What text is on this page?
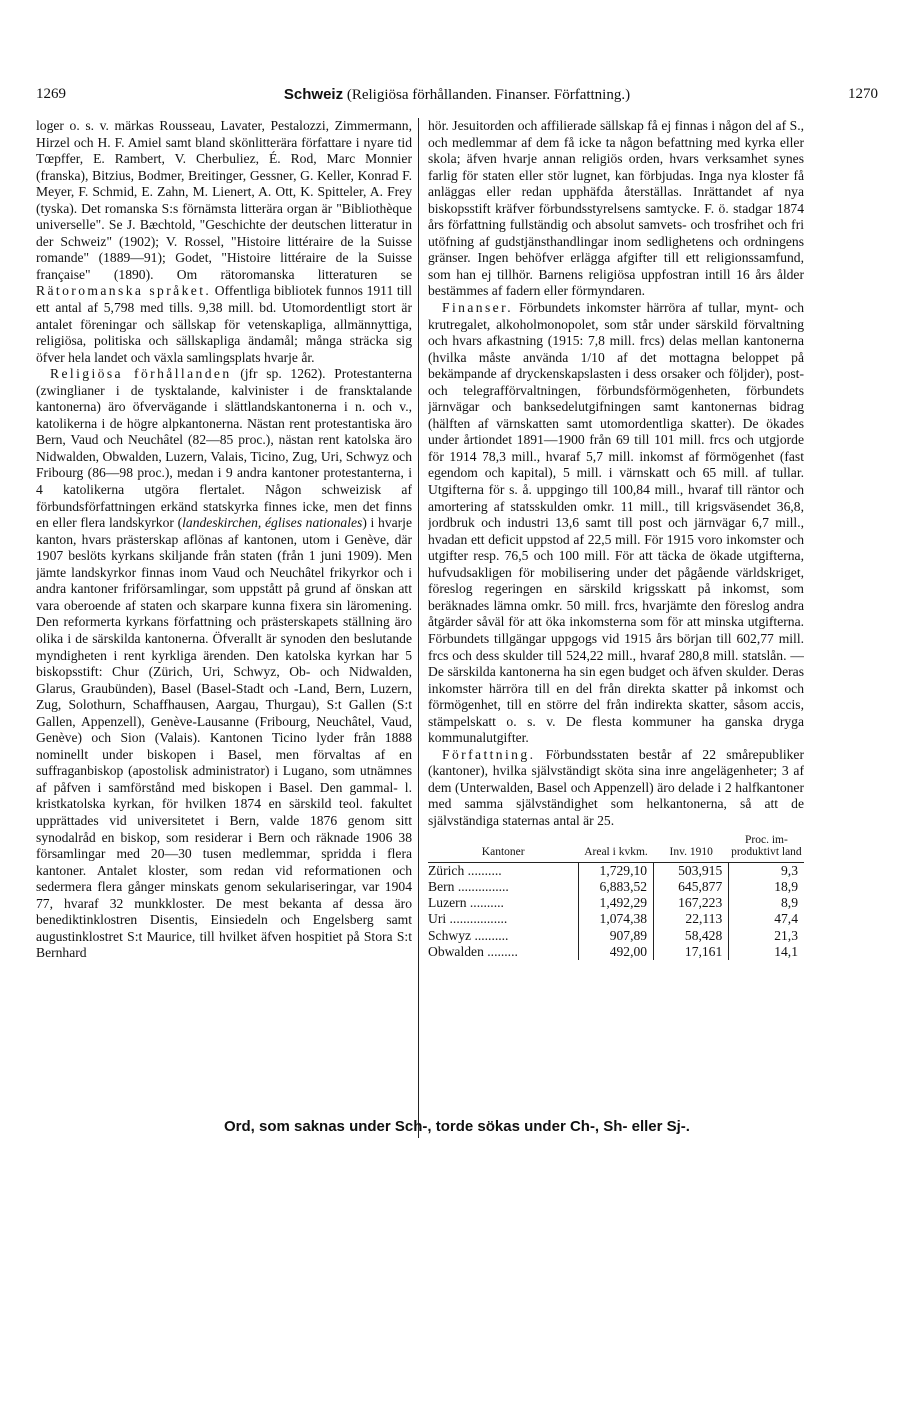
1269	Schweiz (Religiösa förhållanden. Finanser. Författning.)	1270

loger o. s. v. märkas Rousseau, Lavater, Pestalozzi, Zimmermann, Hirzel och H. F. Amiel samt bland skönlitterära författare i nyare tid Tœpffer, E. Rambert, V. Cherbuliez, É. Rod, Marc Monnier (franska), Bitzius, Bodmer, Breitinger, Gessner, G. Keller, Konrad F. Meyer, F. Schmid, E. Zahn, M. Lienert, A. Ott, K. Spitteler, A. Frey (tyska). Det romanska S:s förnämsta litterära organ är "Bibliothèque universelle". Se J. Bæchtold, "Geschichte der deutschen litteratur in der Schweiz" (1902); V. Rossel, "Histoire littéraire de la Suisse romande" (1889—91); Godet, "Histoire littéraire de la Suisse française" (1890). Om rätoromanska litteraturen se Rätoromanska språket. Offentliga bibliotek funnos 1911 till ett antal af 5,798 med tills. 9,38 mill. bd. Utomordentligt stort är antalet föreningar och sällskap för vetenskapliga, allmännyttiga, religiösa, politiska och sällskapliga ändamål; många sträcka sig öfver hela landet och växla samlingsplats hvarje år.

Religiösa förhållanden (jfr sp. 1262). Protestanterna (zwinglianer i de tysktalande, kalvinister i de fransktalande kantonerna) äro öfvervägande i slättlandskantonerna i n. och v., katolikerna i de högre alpkantonerna. Nästan rent protestantiska äro Bern, Vaud och Neuchâtel (82—85 proc.), nästan rent katolska äro Nidwalden, Obwalden, Luzern, Valais, Ticino, Zug, Uri, Schwyz och Fribourg (86—98 proc.), medan i 9 andra kantoner protestanterna, i 4 katolikerna utgöra flertalet. Någon schweizisk af förbundsförfattningen erkänd statskyrka finnes icke, men det finns en eller flera landskyrkor (landeskirchen, églises nationales) i hvarje kanton, hvars prästerskap aflönas af kantonen, utom i Genève, där 1907 beslöts kyrkans skiljande från staten (från 1 juni 1909). Men jämte landskyrkor finnas inom Vaud och Neuchâtel frikyrkor och i andra kantoner friförsamlingar, som uppstått på grund af önskan att vara oberoende af staten och skarpare kunna fixera sin läromening. Den reformerta kyrkans författning och prästerskapets ställning äro olika i de särskilda kantonerna. Öfverallt är synoden den beslutande myndigheten i rent kyrkliga ärenden. Den katolska kyrkan har 5 biskopsstift: Chur (Zürich, Uri, Schwyz, Ob- och Nidwalden, Glarus, Graubünden), Basel (Basel-Stadt och -Land, Bern, Luzern, Zug, Solothurn, Schaffhausen, Aargau, Thurgau), S:t Gallen (S:t Gallen, Appenzell), Genève-Lausanne (Fribourg, Neuchâtel, Vaud, Genève) och Sion (Valais). Kantonen Ticino lyder från 1888 nominellt under biskopen i Basel, men förvaltas af en suffraganbiskop (apostolisk administrator) i Lugano, som utnämnes af påfven i samförstånd med biskopen i Basel. Den gammal- l. kristkatolska kyrkan, för hvilken 1874 en särskild teol. fakultet upprättades vid universitetet i Bern, valde 1876 genom sitt synodalråd en biskop, som residerar i Bern och räknade 1906 38 församlingar med 20—30 tusen medlemmar, spridda i flera kantoner. Antalet kloster, som redan vid reformationen och sedermera flera gånger minskats genom sekulariseringar, var 1904 77, hvaraf 32 munkkloster. De mest bekanta af dessa äro benediktinklostren Disentis, Einsiedeln och Engelsberg samt augustinklostret S:t Maurice, till hvilket äfven hospitiet på Stora S:t Bernhard

hör. Jesuitorden och affilierade sällskap få ej finnas i någon del af S., och medlemmar af dem få icke ta någon befattning med kyrka eller skola; äfven hvarje annan religiös orden, hvars verksamhet synes farlig för staten eller stör lugnet, kan förbjudas. Inga nya kloster få anläggas eller redan upphäfda återställas. Inrättandet af nya biskopsstift kräfver förbundsstyrelsens samtycke. F. ö. stadgar 1874 års författning fullständig och absolut samvets- och trosfrihet och fri utöfning af gudstjänsthandlingar inom sedlighetens och ordningens gränser. Ingen behöfver erlägga afgifter till ett religionssamfund, som han ej tillhör. Barnens religiösa uppfostran intill 16 års ålder bestämmes af fadern eller förmyndaren.

Finanser. Förbundets inkomster härröra af tullar, mynt- och krutregalet, alkoholmonopolet, som står under särskild förvaltning och hvars afkastning (1915: 7,8 mill. frcs) delas mellan kantonerna (hvilka måste använda 1/10 af det mottagna beloppet på bekämpande af dryckenskapslasten i dess orsaker och följder), post- och telegrafförvaltningen, förbundsförmögenheten, förbundets järnvägar och banksedelutgifningen samt kantonernas bidrag (hälften af värnskatten samt utomordentliga skatter). De ökades under årtiondet 1891—1900 från 69 till 101 mill. frcs och utgjorde för 1914 78,3 mill., hvaraf 5,7 mill. inkomst af förmögenhet (fast egendom och kapital), 5 mill. i värnskatt och 65 mill. af tullar. Utgifterna för s. å. uppgingo till 100,84 mill., hvaraf till räntor och amortering af statsskulden omkr. 11 mill., till krigsväsendet 36,8, jordbruk och industri 13,6 samt till post och järnvägar 6,7 mill., hvadan ett deficit uppstod af 22,5 mill. För 1915 voro inkomster och utgifter resp. 76,5 och 100 mill. För att täcka de ökade utgifterna, hufvudsakligen för mobilisering under det pågående världskriget, föreslog regeringen en särskild krigsskatt på inkomst, som beräknades lämna omkr. 50 mill. frcs, hvarjämte den föreslog andra åtgärder såväl för att öka inkomsterna som för att minska utgifterna. Förbundets tillgängar uppgogs vid 1915 års början till 602,77 mill. frcs och dess skulder till 524,22 mill., hvaraf 280,8 mill. statslån. — De särskilda kantonerna ha sin egen budget och äfven skulder. Deras inkomster härröra till en del från direkta skatter på inkomst och förmögenhet, till en större del från indirekta skatter, såsom accis, stämpelskatt o. s. v. De flesta kommuner ha ganska dryga kommunalutgifter.

Författning. Förbundsstaten består af 22 smårepubliker (kantoner), hvilka självständigt sköta sina inre angelägenheter; 3 af dem (Unterwalden, Basel och Appenzell) äro delade i 2 halfkantoner med samma självständighet som helkantonerna, så att de självständiga staternas antal är 25.

Kantoner	Areal i kvkm.	Inv. 1910	Proc. im-produktivt land
Zürich ..........	1,729,10	503,915	9,3
Bern ...............	6,883,52	645,877	18,9
Luzern ..........	1,492,29	167,223	8,9
Uri .................	1,074,38	22,113	47,4
Schwyz ..........	907,89	58,428	21,3
Obwalden .........	492,00	17,161	14,1
Ord, som saknas under Sch-, torde sökas under Ch-, Sh- eller Sj-.
